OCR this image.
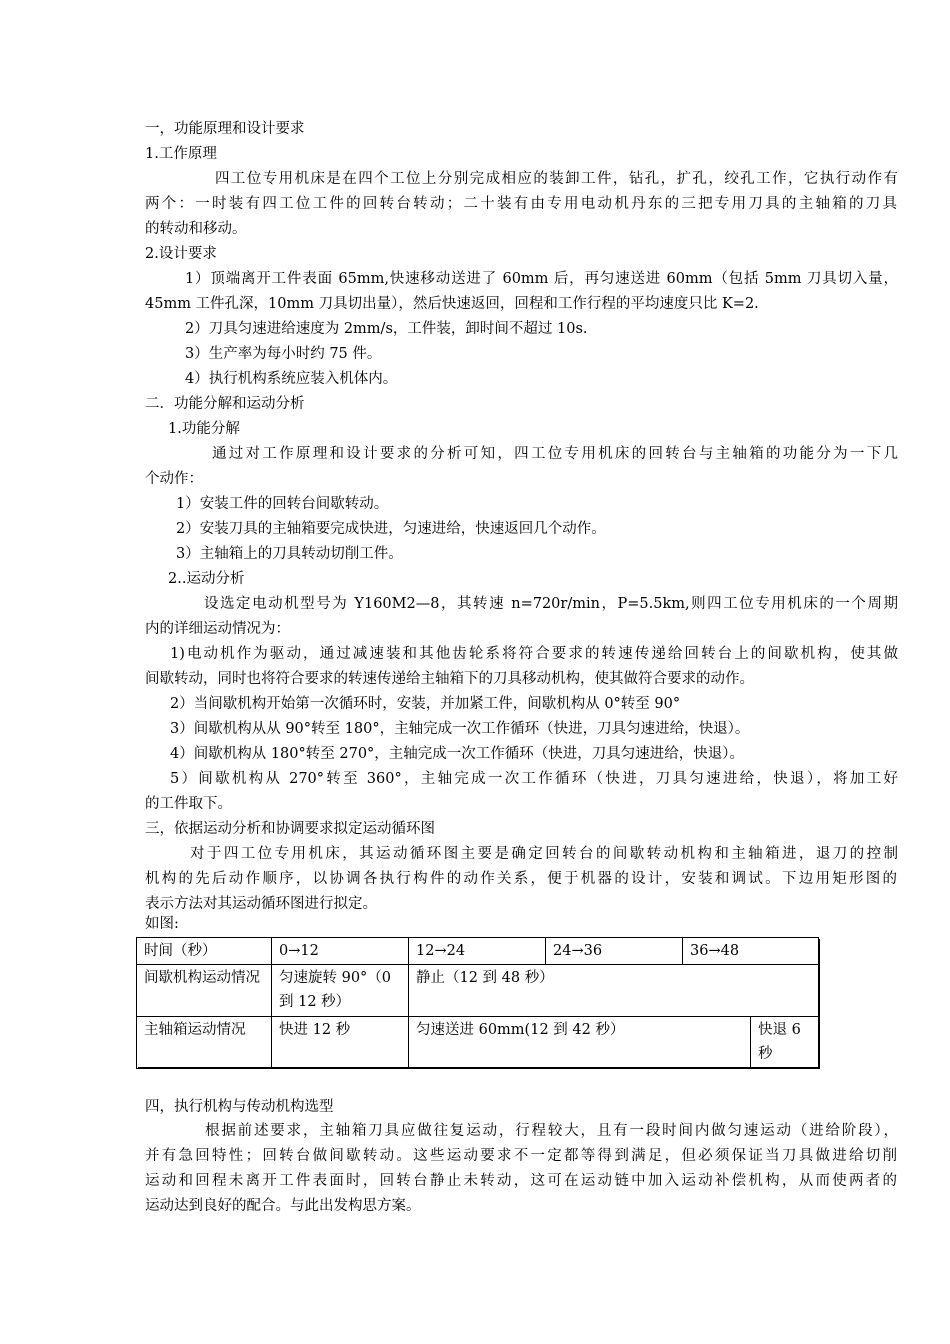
一，功能原理和设计要求
1.工作原理
四工位专用机床是在四个工位上分别完成相应的装卸工件，钻孔，扩孔，绞孔工作，它执行动作有
两个：一时装有四工位工件的回转台转动；二十装有由专用电动机丹东的三把专用刀具的主轴箱的刀具
的转动和移动。
2.设计要求
1）顶端离开工件表面 65mm,快速移动送进了 60mm 后，再匀速送进 60mm（包括 5mm 刀具切入量，
45mm 工件孔深，10mm 刀具切出量），然后快速返回，回程和工作行程的平均速度只比 K=2.
2）刀具匀速进给速度为 2mm/s，工件装，卸时间不超过 10s.
3）生产率为每小时约 75 件。
4）执行机构系统应装入机体内。
二．功能分解和运动分析
1.功能分解
通过对工作原理和设计要求的分析可知，四工位专用机床的回转台与主轴箱的功能分为一下几
个动作：
1）安装工件的回转台间歇转动。
2）安装刀具的主轴箱要完成快进，匀速进给，快速返回几个动作。
3）主轴箱上的刀具转动切削工件。
2..运动分析
设选定电动机型号为 Y160M2—8，其转速 n=720r/min，P=5.5km,则四工位专用机床的一个周期
内的详细运动情况为：
1)电动机作为驱动，通过减速装和其他齿轮系将符合要求的转速传递给回转台上的间歇机构，使其做
间歇转动，同时也将符合要求的转速传递给主轴箱下的刀具移动机构，使其做符合要求的动作。
2）当间歇机构开始第一次循环时，安装，并加紧工件，间歇机构从 0°转至 90°
3）间歇机构从从 90°转至 180°，主轴完成一次工作循环（快进，刀具匀速进给，快退）。
4）间歇机构从 180°转至 270°，主轴完成一次工作循环（快进，刀具匀速进给，快退）。
5）间歇机构从 270°转至 360°，主轴完成一次工作循环（快进，刀具匀速进给，快退），将加工好
的工件取下。
三，依据运动分析和协调要求拟定运动循环图
对于四工位专用机床，其运动循环图主要是确定回转台的间歇转动机构和主轴箱进，退刀的控制
机构的先后动作顺序，以协调各执行构件的动作关系，便于机器的设计，安装和调试。下边用矩形图的
表示方法对其运动循环图进行拟定。
如图:
时间（秒）	0→12	12→24	24→36	36→48	
间歇机构运动情况	匀速旋转 90°（0 到 12 秒）	静止（12 到 48 秒）			
主轴箱运动情况	快进 12 秒	匀速送进 60mm(12 到 42 秒）			快退 6 秒
四，执行机构与传动机构选型
根据前述要求，主轴箱刀具应做往复运动，行程较大，且有一段时间内做匀速运动（进给阶段），
并有急回特性；回转台做间歇转动。这些运动要求不一定都等得到满足，但必须保证当刀具做进给切削
运动和回程未离开工件表面时，回转台静止未转动，这可在运动链中加入运动补偿机构，从而使两者的
运动达到良好的配合。与此出发构思方案。
